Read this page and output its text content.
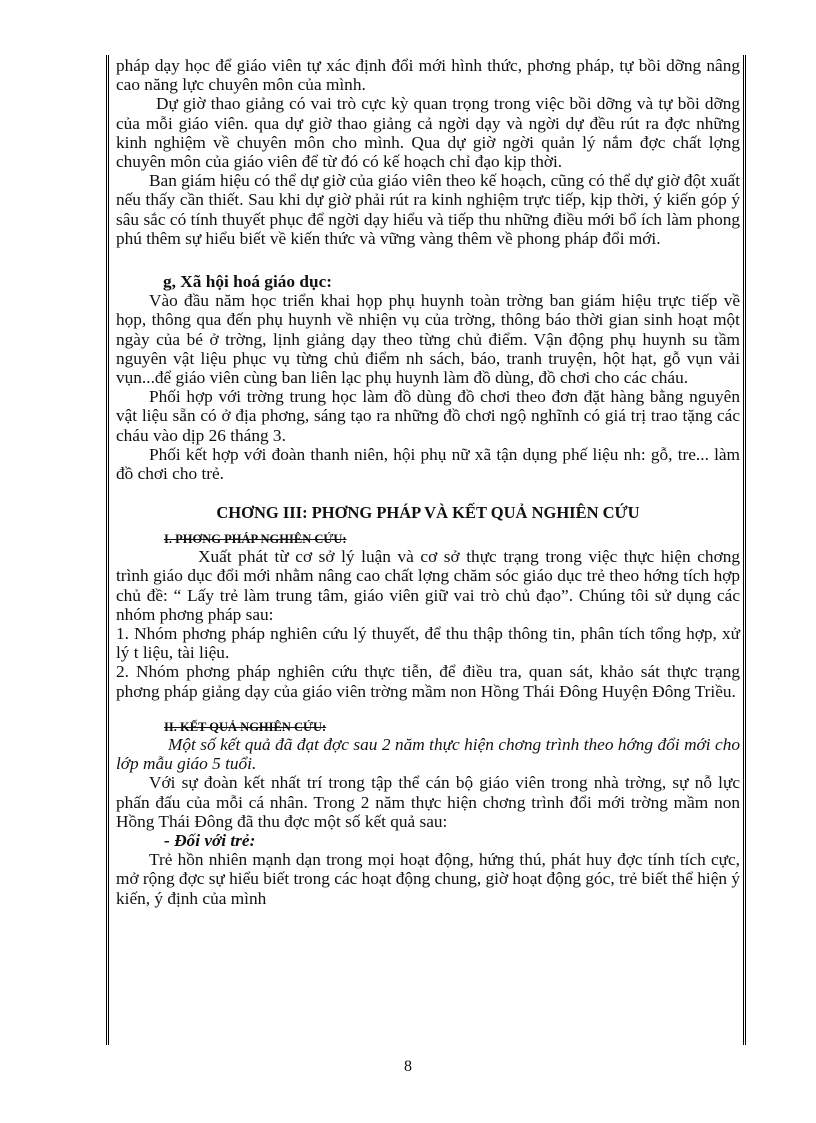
pháp dạy học để giáo viên tự xác định đổi mới hình thức, phơng pháp, tự bồi dỡng nâng cao năng lực chuyên môn của mình.

Dự giờ thao giảng có vai trò cực kỳ quan trọng trong việc bồi dỡng và tự bồi dỡng của mỗi giáo viên. qua dự giờ thao giảng cả ngời dạy và ngời dự đều rút ra đợc những kinh nghiệm về chuyên môn cho mình. Qua dự giờ ngời quản lý nắm đợc chất lợng chuyên môn của giáo viên để từ đó có kế hoạch chỉ đạo kịp thời.

Ban giám hiệu có thể dự giờ của giáo viên theo kế hoạch, cũng có thể dự giờ đột xuất nếu thấy cần thiết. Sau khi dự giờ phải rút ra kinh nghiệm trực tiếp, kịp thời, ý kiến góp ý sâu sắc có tính thuyết phục để ngời dạy hiểu và tiếp thu những điều mới bổ ích làm phong phú thêm sự hiểu biết về kiến thức và vững vàng thêm về phong pháp đổi mới.

g, Xã hội hoá giáo dục:

Vào đầu năm học triển khai họp phụ huynh toàn trờng ban giám hiệu trực tiếp về họp, thông qua đến phụ huynh về nhiện vụ của trờng, thông báo thời gian sinh hoạt một ngày của bé ở trờng, lịnh giảng dạy theo từng chủ điểm. Vận động phụ huynh su tầm nguyên vật liệu phục vụ từng chủ điểm nh sách, báo, tranh truyện, hột hạt, gỗ vụn vải vụn...để giáo viên cùng ban liên lạc phụ huynh làm đồ dùng, đồ chơi cho các cháu.

Phối hợp với trờng trung học làm đồ dùng đồ chơi theo đơn đặt hàng bằng nguyên vật liệu sẵn có ở địa phơng, sáng tạo ra những đồ chơi ngộ nghĩnh có giá trị trao tặng các cháu vào dịp 26 tháng 3.

Phối kết hợp với đoàn thanh niên, hội phụ nữ xã tận dụng phế liệu nh: gỗ, tre... làm đồ chơi cho trẻ.

CHƠNG III: PHƠNG PHÁP VÀ KẾT QUẢ NGHIÊN CỨU

I. PHƠNG PHÁP NGHIÊN CỨU:

Xuất phát từ cơ sở lý luận và cơ sở thực trạng trong việc thực hiện chơng trình giáo dục đổi mới nhằm nâng cao chất lợng chăm sóc giáo dục trẻ theo hớng tích hợp chủ đề: “ Lấy trẻ làm trung tâm, giáo viên giữ vai trò chủ đạo”. Chúng tôi sử dụng các nhóm phơng pháp sau:

1. Nhóm phơng pháp nghiên cứu lý thuyết, để thu thập thông tin, phân tích tổng hợp, xử lý t liệu, tài liệu.

2. Nhóm phơng pháp nghiên cứu thực tiễn, để điều tra, quan sát, khảo sát thực trạng phơng pháp giảng dạy của giáo viên trờng mầm non Hồng Thái Đông Huyện Đông Triều.

II. KẾT QUẢ NGHIÊN CỨU:

Một số kết quả đã đạt đợc sau 2 năm thực hiện chơng trình theo hớng đổi mới cho lớp mẫu giáo 5 tuổi.

Với sự đoàn kết nhất trí trong tập thể cán bộ giáo viên trong nhà trờng, sự nỗ lực phấn đấu của mỗi cá nhân. Trong 2 năm thực hiện chơng trình đổi mới trờng mầm non Hồng Thái Đông đã thu đợc một số kết quả sau:

- Đối với trẻ:

Trẻ hồn nhiên mạnh dạn trong mọi hoạt động, hứng thú, phát huy đợc tính tích cực, mở rộng đợc sự hiểu biết trong các hoạt động chung, giờ hoạt động góc, trẻ biết thể hiện ý kiến, ý định của mình

8
